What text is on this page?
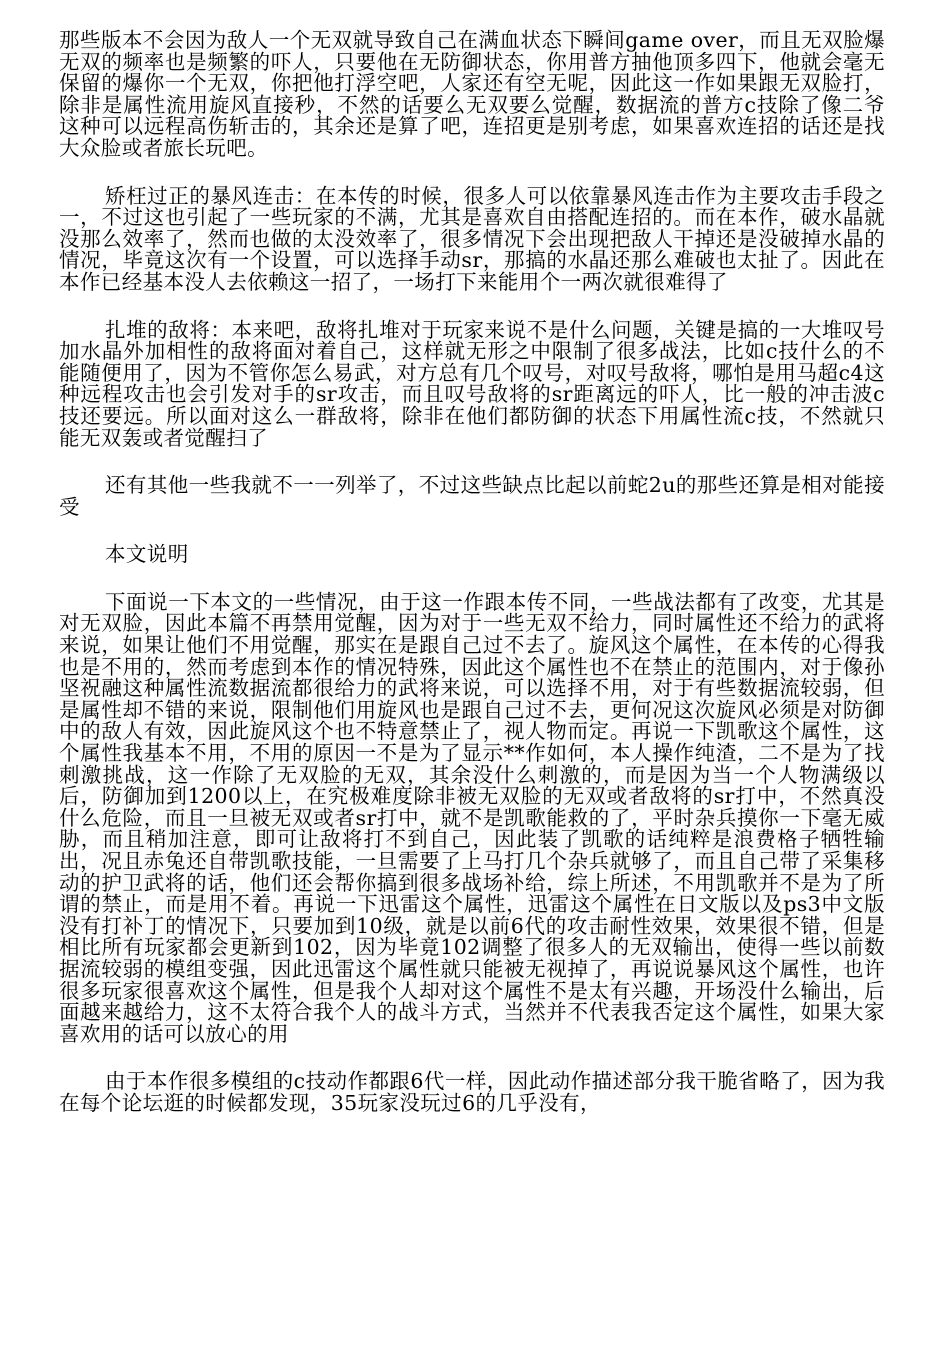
那些版本不会因为敌人一个无双就导致自己在满血状态下瞬间game over，而且无双脸爆无双的频率也是频繁的吓人，只要他在无防御状态，你用普方抽他顶多四下，他就会毫无保留的爆你一个无双，你把他打浮空吧，人家还有空无呢，因此这一作如果跟无双脸打，除非是属性流用旋风直接秒，不然的话要么无双要么觉醒，数据流的普方c技除了像二爷这种可以远程高伤斩击的，其余还是算了吧，连招更是别考虑，如果喜欢连招的话还是找大众脸或者旅长玩吧。

矫枉过正的暴风连击：在本传的时候，很多人可以依靠暴风连击作为主要攻击手段之一，不过这也引起了一些玩家的不满，尤其是喜欢自由搭配连招的。而在本作，破水晶就没那么效率了，然而也做的太没效率了，很多情况下会出现把敌人干掉还是没破掉水晶的情况，毕竟这次有一个设置，可以选择手动sr，那搞的水晶还那么难破也太扯了。因此在本作已经基本没人去依赖这一招了，一场打下来能用个一两次就很难得了

扎堆的敌将：本来吧，敌将扎堆对于玩家来说不是什么问题，关键是搞的一大堆叹号加水晶外加相性的敌将面对着自己，这样就无形之中限制了很多战法，比如c技什么的不能随便用了，因为不管你怎么易武，对方总有几个叹号，对叹号敌将，哪怕是用马超c4这种远程攻击也会引发对手的sr攻击，而且叹号敌将的sr距离远的吓人，比一般的冲击波c技还要远。所以面对这么一群敌将，除非在他们都防御的状态下用属性流c技，不然就只能无双轰或者觉醒扫了

还有其他一些我就不一一列举了，不过这些缺点比起以前蛇2u的那些还算是相对能接受

本文说明

下面说一下本文的一些情况，由于这一作跟本传不同，一些战法都有了改变，尤其是对无双脸，因此本篇不再禁用觉醒，因为对于一些无双不给力，同时属性还不给力的武将来说，如果让他们不用觉醒，那实在是跟自己过不去了。旋风这个属性，在本传的心得我也是不用的，然而考虑到本作的情况特殊，因此这个属性也不在禁止的范围内，对于像孙坚祝融这种属性流数据流都很给力的武将来说，可以选择不用，对于有些数据流较弱，但是属性却不错的来说，限制他们用旋风也是跟自己过不去，更何况这次旋风必须是对防御中的敌人有效，因此旋风这个也不特意禁止了，视人物而定。再说一下凯歌这个属性，这个属性我基本不用，不用的原因一不是为了显示**作如何，本人操作纯渣，二不是为了找刺激挑战，这一作除了无双脸的无双，其余没什么刺激的，而是因为当一个人物满级以后，防御加到1200以上，在究极难度除非被无双脸的无双或者敌将的sr打中，不然真没什么危险，而且一旦被无双或者sr打中，就不是凯歌能救的了，平时杂兵摸你一下毫无威胁，而且稍加注意，即可让敌将打不到自己，因此装了凯歌的话纯粹是浪费格子牺牲输出，况且赤兔还自带凯歌技能，一旦需要了上马打几个杂兵就够了，而且自己带了采集移动的护卫武将的话，他们还会帮你搞到很多战场补给，综上所述，不用凯歌并不是为了所谓的禁止，而是用不着。再说一下迅雷这个属性，迅雷这个属性在日文版以及ps3中文版没有打补丁的情况下，只要加到10级，就是以前6代的攻击耐性效果，效果很不错，但是相比所有玩家都会更新到102，因为毕竟102调整了很多人的无双输出，使得一些以前数据流较弱的模组变强，因此迅雷这个属性就只能被无视掉了，再说说暴风这个属性，也许很多玩家很喜欢这个属性，但是我个人却对这个属性不是太有兴趣，开场没什么输出，后面越来越给力，这不太符合我个人的战斗方式，当然并不代表我否定这个属性，如果大家喜欢用的话可以放心的用

由于本作很多模组的c技动作都跟6代一样，因此动作描述部分我干脆省略了，因为我在每个论坛逛的时候都发现，35玩家没玩过6的几乎没有，
